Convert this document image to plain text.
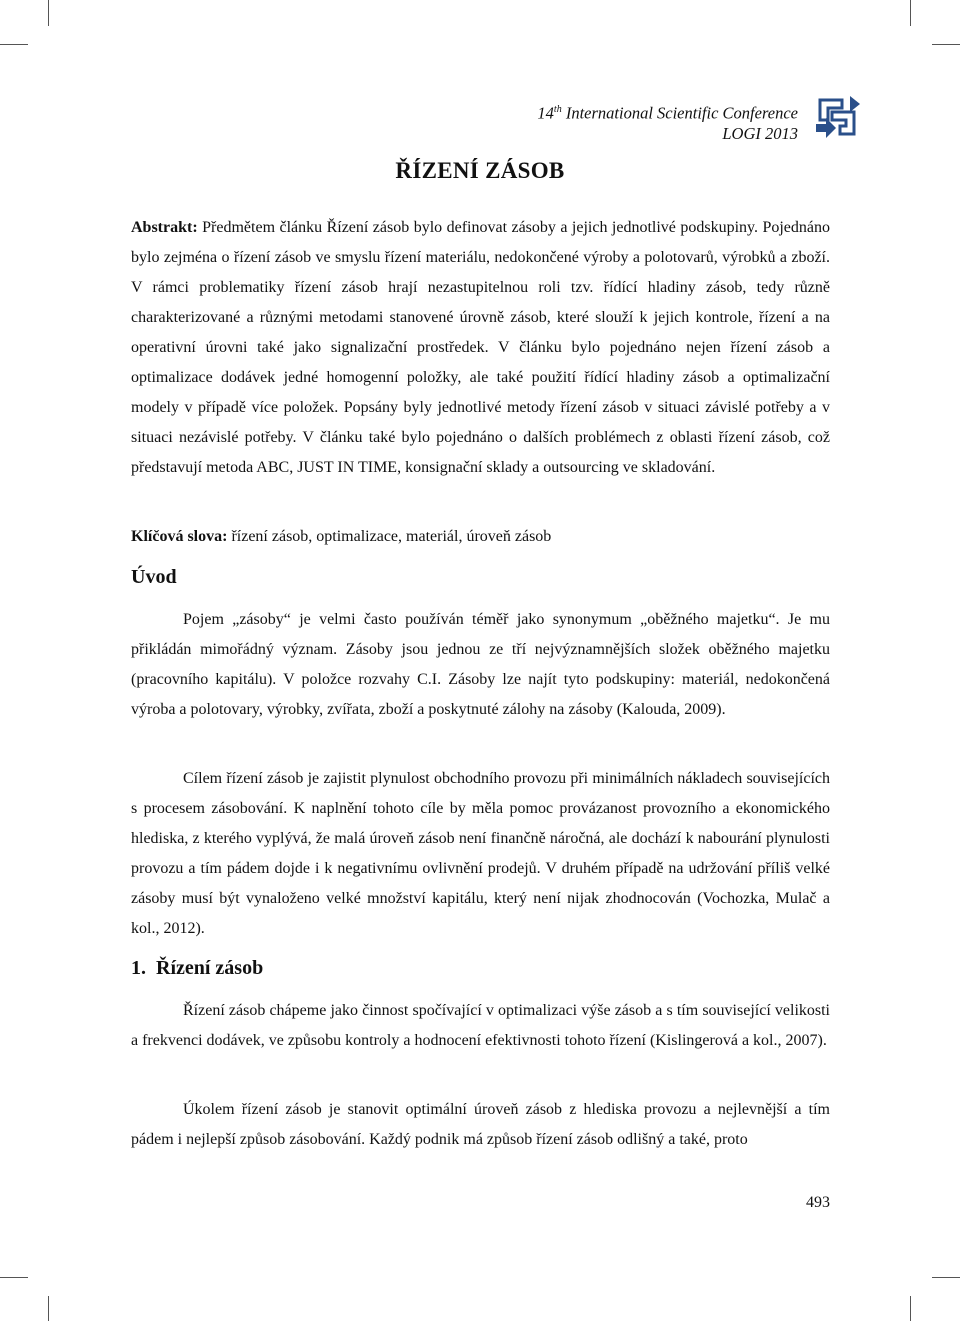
14th International Scientific Conference
LOGI 2013
ŘÍZENÍ ZÁSOB

Abstrakt: Předmětem článku Řízení zásob bylo definovat zásoby a jejich jednotlivé podskupiny. Pojednáno bylo zejména o řízení zásob ve smyslu řízení materiálu, nedokončené výroby a polotovarů, výrobků a zboží. V rámci problematiky řízení zásob hrají nezastupitelnou roli tzv. řídící hladiny zásob, tedy různě charakterizované a různými metodami stanovené úrovně zásob, které slouží k jejich kontrole, řízení a na operativní úrovni také jako signalizační prostředek. V článku bylo pojednáno nejen řízení zásob a optimalizace dodávek jedné homogenní položky, ale také použití řídící hladiny zásob a optimalizační modely v případě více položek. Popsány byly jednotlivé metody řízení zásob v situaci závislé potřeby a v situaci nezávislé potřeby. V článku také bylo pojednáno o dalších problémech z oblasti řízení zásob, což představují metoda ABC, JUST IN TIME, konsignační sklady a outsourcing ve skladování.

Klíčová slova: řízení zásob, optimalizace, materiál, úroveň zásob

Úvod

Pojem „zásoby“ je velmi často používán téměř jako synonymum „oběžného majetku“. Je mu přikládán mimořádný význam. Zásoby jsou jednou ze tří nejvýznamnějších složek oběžného majetku (pracovního kapitálu). V položce rozvahy C.I. Zásoby lze najít tyto podskupiny: materiál, nedokončená výroba a polotovary, výrobky, zvířata, zboží a poskytnuté zálohy na zásoby (Kalouda, 2009).

Cílem řízení zásob je zajistit plynulost obchodního provozu při minimálních nákladech souvisejících s procesem zásobování. K naplnění tohoto cíle by měla pomoc provázanost provozního a ekonomického hlediska, z kterého vyplývá, že malá úroveň zásob není finančně náročná, ale dochází k nabourání plynulosti provozu a tím pádem dojde i k negativnímu ovlivnění prodejů. V druhém případě na udržování příliš velké zásoby musí být vynaloženo velké množství kapitálu, který není nijak zhodnocován (Vochozka, Mulač a kol., 2012).

1. Řízení zásob

Řízení zásob chápeme jako činnost spočívající v optimalizaci výše zásob a s tím související velikosti a frekvenci dodávek, ve způsobu kontroly a hodnocení efektivnosti tohoto řízení (Kislingerová a kol., 2007).

Úkolem řízení zásob je stanovit optimální úroveň zásob z hlediska provozu a nejlevnější a tím pádem i nejlepší způsob zásobování. Každý podnik má způsob řízení zásob odlišný a také, proto

493
